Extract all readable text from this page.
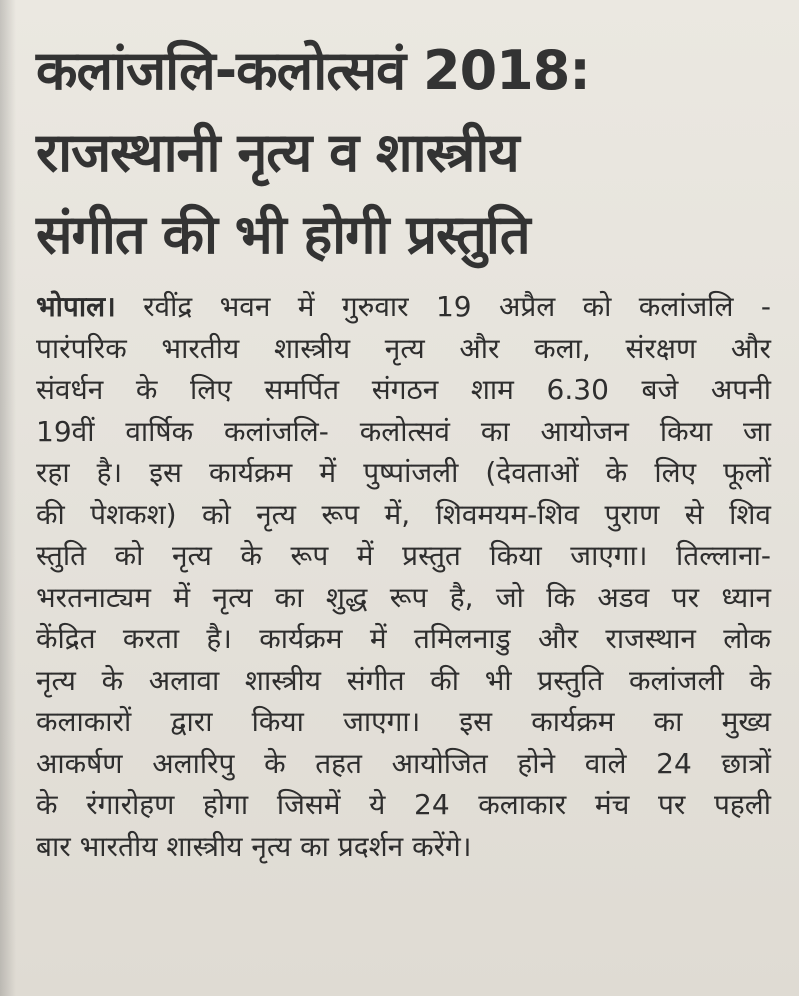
कलांजलि-कलोत्सवं 2018:
राजस्थानी नृत्य व शास्त्रीय
संगीत की भी होगी प्रस्तुति
भोपाल। रवींद्र भवन में गुरुवार 19 अप्रैल को कलांजलि -
पारंपरिक भारतीय शास्त्रीय नृत्य और कला, संरक्षण और
संवर्धन के लिए समर्पित संगठन शाम 6.30 बजे अपनी
19वीं वार्षिक कलांजलि- कलोत्सवं का आयोजन किया जा
रहा है। इस कार्यक्रम में पुष्पांजली (देवताओं के लिए फूलों
की पेशकश) को नृत्य रूप में, शिवमयम-शिव पुराण से शिव
स्तुति को नृत्य के रूप में प्रस्तुत किया जाएगा। तिल्लाना-
भरतनाट्यम में नृत्य का शुद्ध रूप है, जो कि अडव पर ध्यान
केंद्रित करता है। कार्यक्रम में तमिलनाडु और राजस्थान लोक
नृत्य के अलावा शास्त्रीय संगीत की भी प्रस्तुति कलांजली के
कलाकारों द्वारा किया जाएगा। इस कार्यक्रम का मुख्य
आकर्षण अलारिपु के तहत आयोजित होने वाले 24 छात्रों
के रंगारोहण होगा जिसमें ये 24 कलाकार मंच पर पहली
बार भारतीय शास्त्रीय नृत्य का प्रदर्शन करेंगे।
